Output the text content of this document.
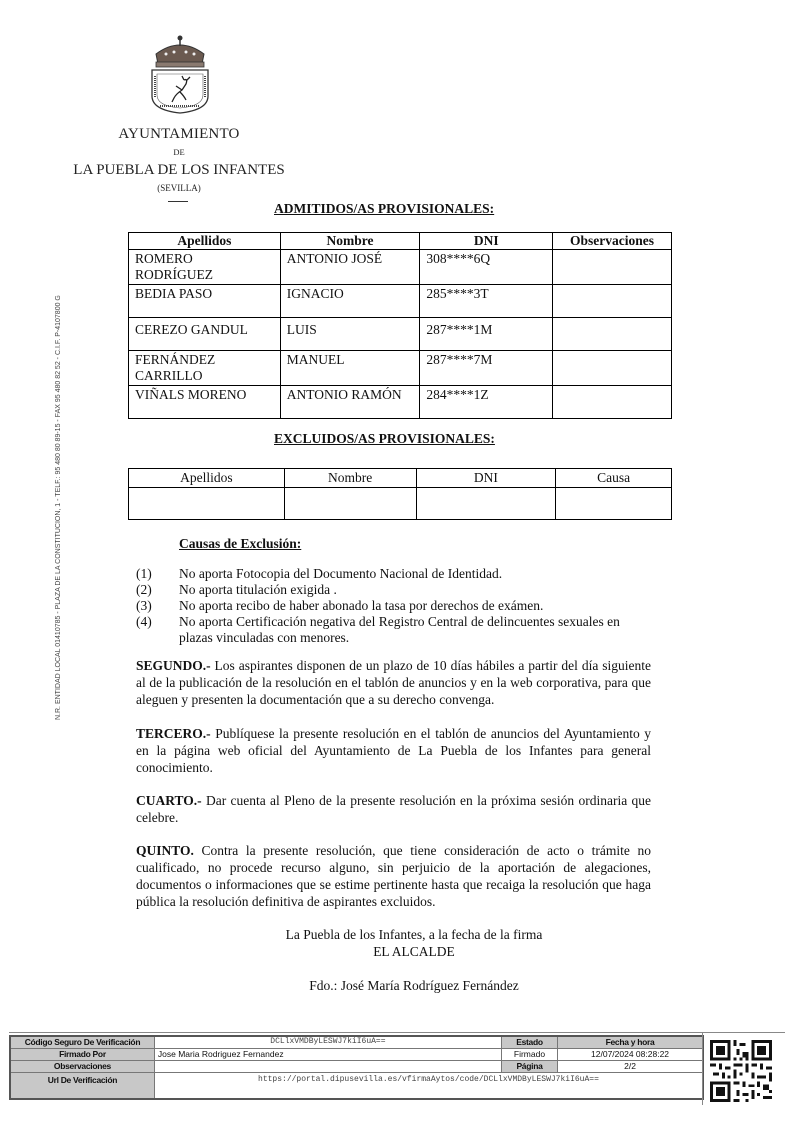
AYUNTAMIENTO
DE
LA PUEBLA DE LOS INFANTES
(SEVILLA)
N.R. ENTIDAD LOCAL 01410785 - PLAZA DE LA CONSTITUCION, 1 - TELF.: 95 480 80 89-15 - FAX 95 480 82 52 - C.I.F. P-4107800 G
ADMITIDOS/AS PROVISIONALES:
Apellidos	Nombre	DNI	Observaciones
ROMERO RODRÍGUEZ	ANTONIO JOSÉ	308****6Q	
BEDIA PASO	IGNACIO	285****3T	
CEREZO GANDUL	LUIS	287****1M	
FERNÁNDEZ CARRILLO	MANUEL	287****7M	
VIÑALS MORENO	ANTONIO RAMÓN	284****1Z	
EXCLUIDOS/AS PROVISIONALES:
Apellidos	Nombre	DNI	Causa

Causas de Exclusión:
(1)	No aporta Fotocopia del Documento Nacional de Identidad.
(2)	No aporta titulación exigida .
(3)	No aporta recibo de haber abonado la tasa por derechos de exámen.
(4)	No aporta Certificación negativa del Registro Central de delincuentes sexuales en plazas vinculadas con menores.
SEGUNDO.- Los aspirantes disponen de un plazo de 10 días hábiles a partir del día siguiente al de la publicación de la resolución en el tablón de anuncios y en la web corporativa, para que aleguen y presenten la documentación que a su derecho convenga.
TERCERO.- Publíquese la presente resolución en el tablón de anuncios del Ayuntamiento y en la página web oficial del Ayuntamiento de La Puebla de los Infantes para general conocimiento.
CUARTO.- Dar cuenta al Pleno de la presente resolución en la próxima sesión ordinaria que celebre.
QUINTO. Contra la presente resolución, que tiene consideración de acto o trámite no cualificado, no procede recurso alguno, sin perjuicio de la aportación de alegaciones, documentos o informaciones que se estime pertinente hasta que recaiga la resolución que haga pública la resolución definitiva de aspirantes excluidos.
La Puebla de los Infantes, a la fecha de la firma
EL ALCALDE
Fdo.: José María Rodríguez Fernández
Código Seguro De Verificación	DCLlxVMDByLESWJ7kiI6uA==	Estado	Fecha y hora
Firmado Por	Jose Maria Rodriguez Fernandez	Firmado	12/07/2024 08:28:22
Observaciones		Página	2/2
Url De Verificación	https://portal.dipusevilla.es/vfirmaAytos/code/DCLlxVMDByLESWJ7kiI6uA==		
